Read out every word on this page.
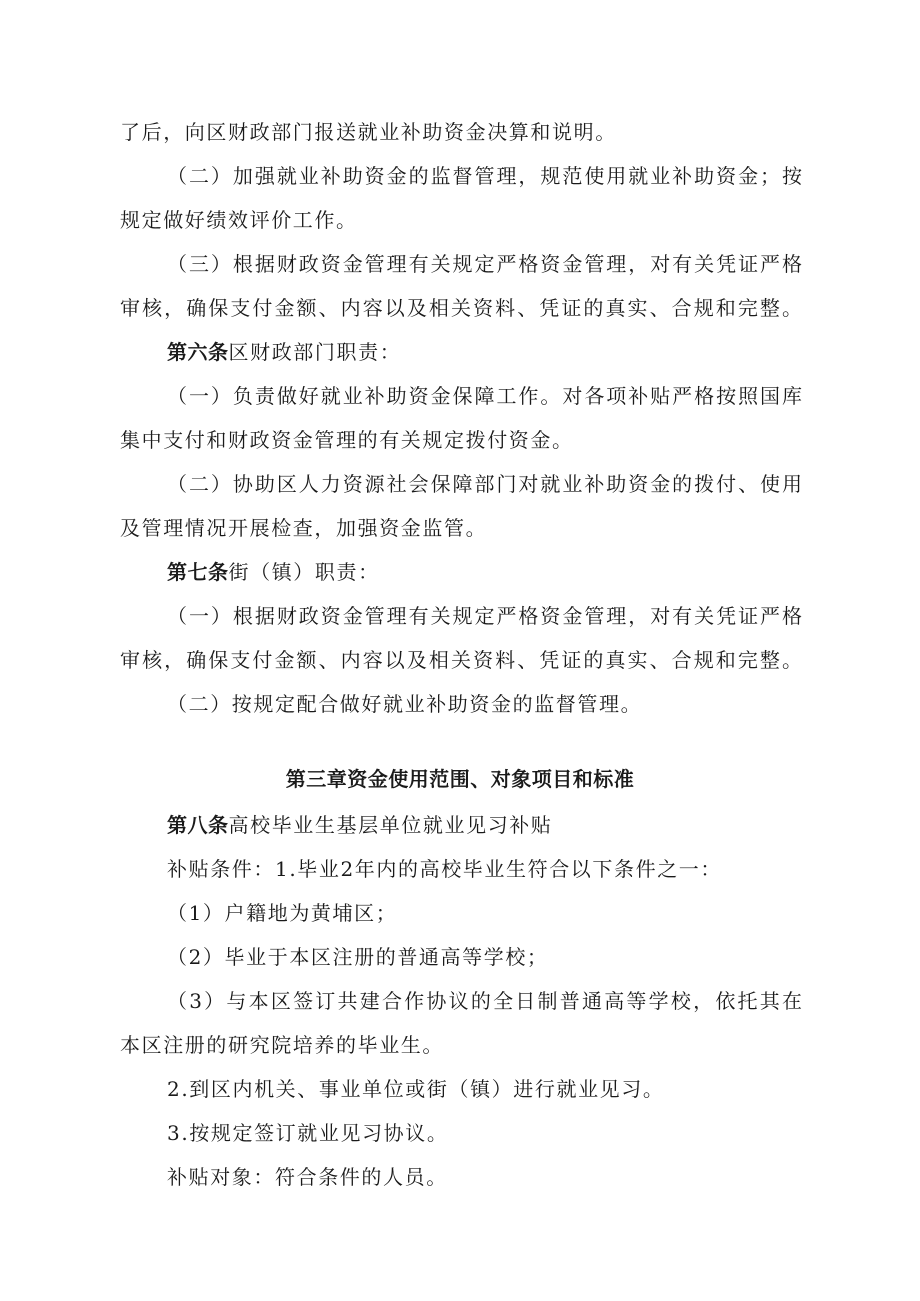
了后，向区财政部门报送就业补助资金决算和说明。
（二）加强就业补助资金的监督管理，规范使用就业补助资金；按
规定做好绩效评价工作。
（三）根据财政资金管理有关规定严格资金管理，对有关凭证严格
审核，确保支付金额、内容以及相关资料、凭证的真实、合规和完整。
第六条区财政部门职责：
（一）负责做好就业补助资金保障工作。对各项补贴严格按照国库
集中支付和财政资金管理的有关规定拨付资金。
（二）协助区人力资源社会保障部门对就业补助资金的拨付、使用
及管理情况开展检查，加强资金监管。
第七条街（镇）职责：
（一）根据财政资金管理有关规定严格资金管理，对有关凭证严格
审核，确保支付金额、内容以及相关资料、凭证的真实、合规和完整。
（二）按规定配合做好就业补助资金的监督管理。
第三章资金使用范围、对象项目和标准
第八条高校毕业生基层单位就业见习补贴
补贴条件：1.毕业2年内的高校毕业生符合以下条件之一：
（1）户籍地为黄埔区；
（2）毕业于本区注册的普通高等学校；
（3）与本区签订共建合作协议的全日制普通高等学校，依托其在
本区注册的研究院培养的毕业生。
2.到区内机关、事业单位或街（镇）进行就业见习。
3.按规定签订就业见习协议。
补贴对象：符合条件的人员。
